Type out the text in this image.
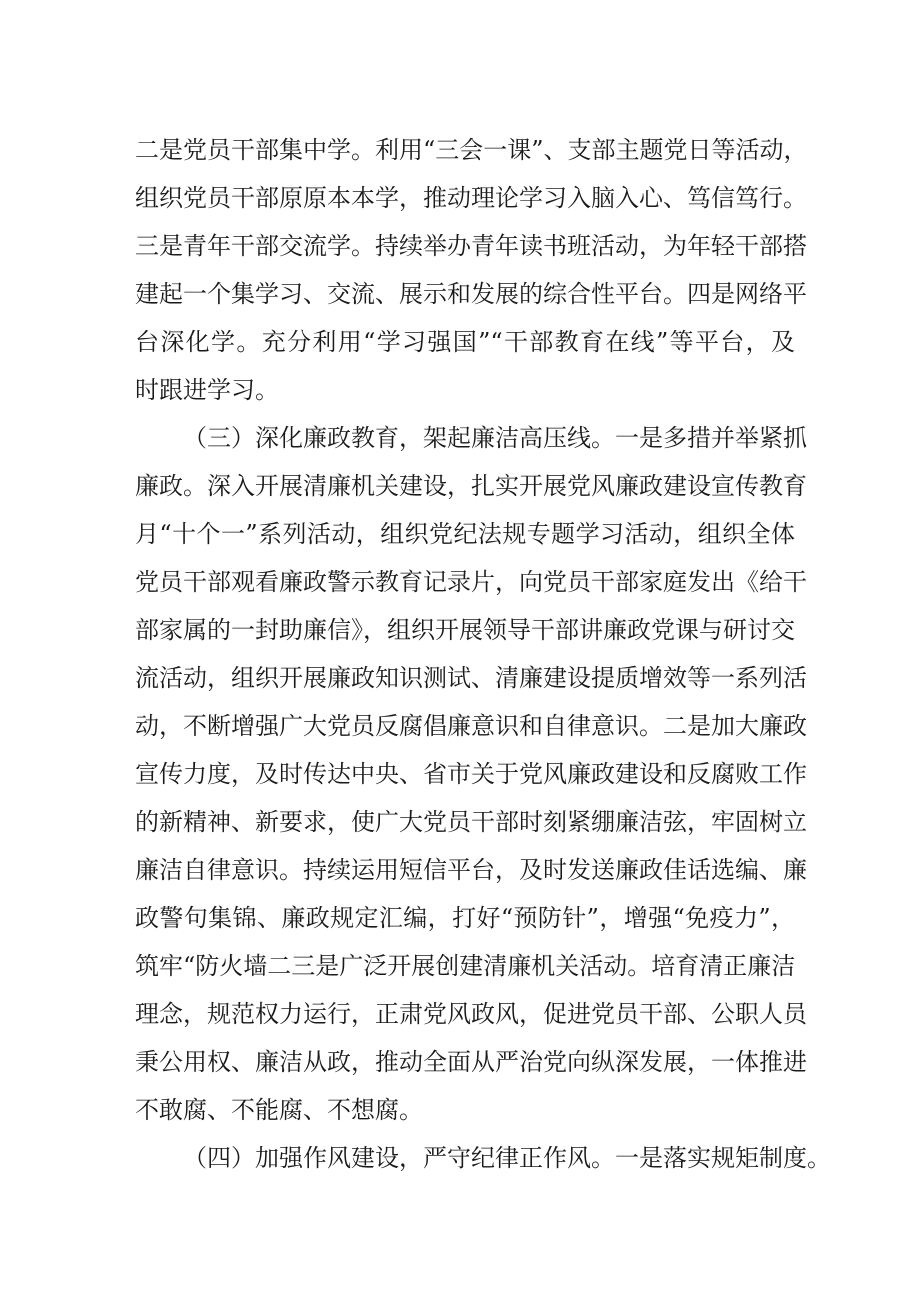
二是党员干部集中学。利用“三会一课”、支部主题党日等活动，
组织党员干部原原本本学，推动理论学习入脑入心、笃信笃行。
三是青年干部交流学。持续举办青年读书班活动，为年轻干部搭
建起一个集学习、交流、展示和发展的综合性平台。四是网络平
台深化学。充分利用“学习强国”“干部教育在线”等平台，及
时跟进学习。
（三）深化廉政教育，架起廉洁高压线。一是多措并举紧抓
廉政。深入开展清廉机关建设，扎实开展党风廉政建设宣传教育
月“十个一”系列活动，组织党纪法规专题学习活动，组织全体
党员干部观看廉政警示教育记录片，向党员干部家庭发出《给干
部家属的一封助廉信》，组织开展领导干部讲廉政党课与研讨交
流活动，组织开展廉政知识测试、清廉建设提质增效等一系列活
动，不断增强广大党员反腐倡廉意识和自律意识。二是加大廉政
宣传力度，及时传达中央、省市关于党风廉政建设和反腐败工作
的新精神、新要求，使广大党员干部时刻紧绷廉洁弦，牢固树立
廉洁自律意识。持续运用短信平台，及时发送廉政佳话选编、廉
政警句集锦、廉政规定汇编，打好“预防针”，增强“免疫力”，
筑牢“防火墙二三是广泛开展创建清廉机关活动。培育清正廉洁
理念，规范权力运行，正肃党风政风，促进党员干部、公职人员
秉公用权、廉洁从政，推动全面从严治党向纵深发展，一体推进
不敢腐、不能腐、不想腐。
（四）加强作风建设，严守纪律正作风。一是落实规矩制度。
